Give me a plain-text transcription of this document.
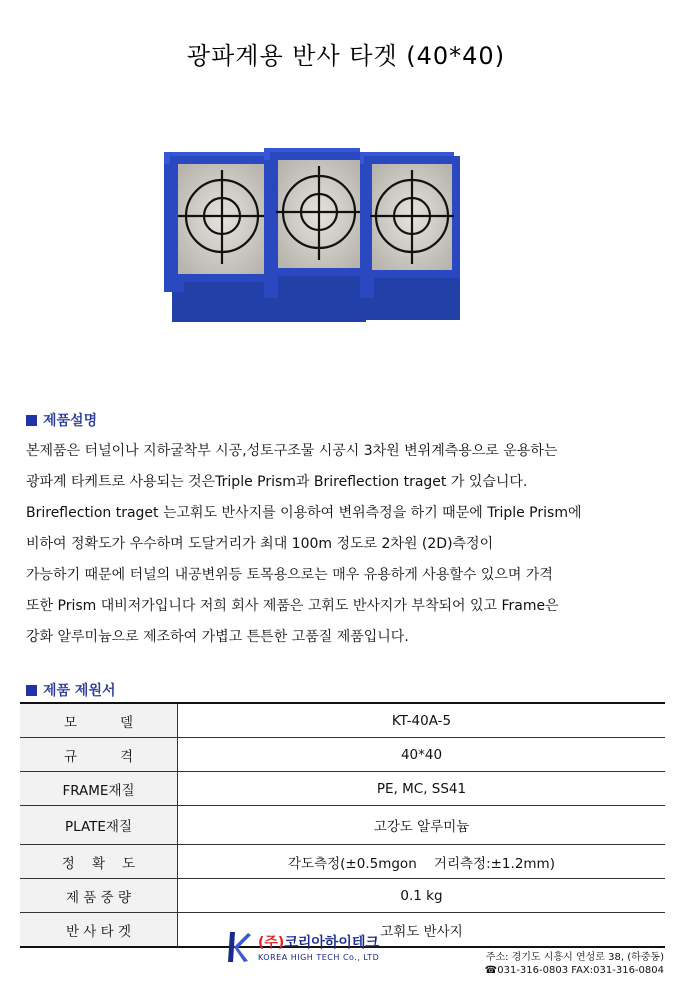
광파계용 반사 타겟 (40*40)
제품설명

본제품은 터널이나 지하굴착부 시공,성토구조물 시공시 3차원 변위계측용으로 운용하는

광파계 타케트로 사용되는 것은Triple Prism과 Brireflection traget 가 있습니다.

Brireflection traget 는고휘도 반사지를 이용하여 변위측정을 하기 때문에 Triple Prism에

비하여 정확도가 우수하며 도달거리가 최대 100m 정도로 2차원 (2D)측정이

가능하기 때문에 터널의 내공변위등 토목용으로는 매우 유용하게 사용할수 있으며 가격

또한 Prism 대비저가입니다 저희 회사 제품은 고휘도 반사지가 부착되어 있고 Frame은

강화 알루미늄으로 제조하여 가볍고 튼튼한 고품질 제품입니다.

제품 제원서
모          델	KT-40A-5
규          격	40*40
FRAME재질	PE, MC, SS41
PLATE재질	고강도 알루미늄
정    확    도	각도측정(±0.5mgon    거리측정:±1.2mm)
제 품 중 량	0.1 kg
반 사 타 겟	고휘도 반사지
(주)코리아하이테크
KOREA HIGH TECH Co., LTD	주소: 경기도 시흥시 연성로 38, (하중동)
☎031-316-0803 FAX:031-316-0804
